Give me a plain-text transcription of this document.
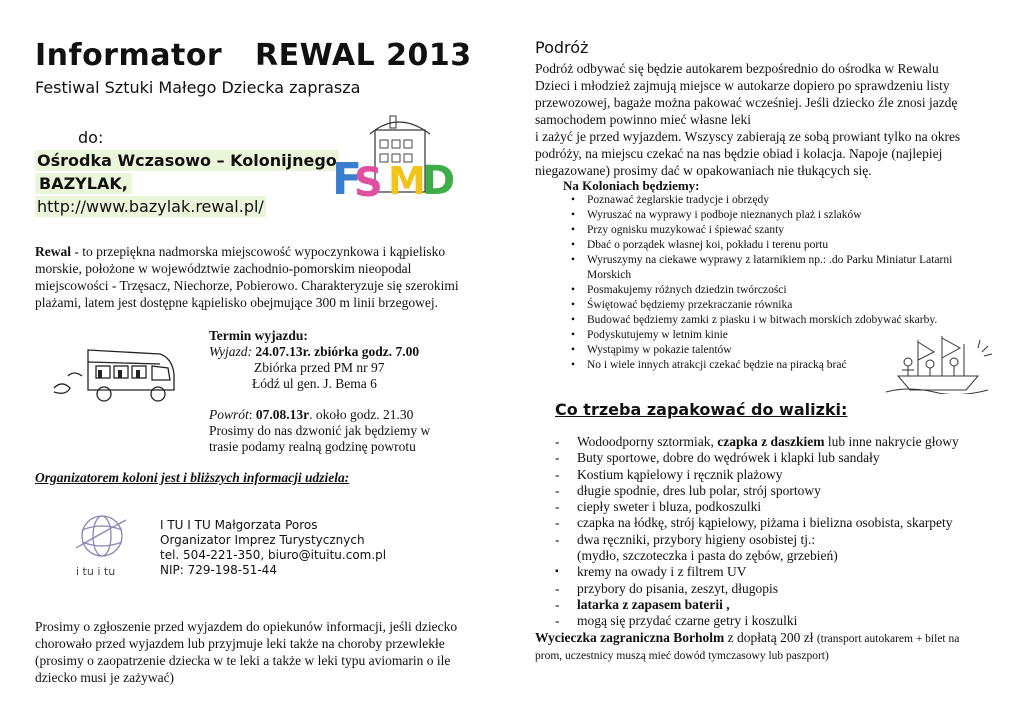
Informator   REWAL 2013
Festiwal Sztuki Małego Dziecka zaprasza
do:
Ośrodka Wczasowo – Kolonijnego
BAZYLAK,
http://www.bazylak.rewal.pl/
F
S M
D
Rewal - to przepiękna nadmorska miejscowość wypoczynkowa i kąpielisko morskie, położone w województwie zachodnio-pomorskim nieopodal miejscowości - Trzęsacz, Niechorze, Pobierowo. Charakteryzuje się szerokimi plażami, latem jest dostępne kąpielisko obejmujące 300 m linii brzegowej.
Termin wyjazdu:
Wyjazd: 24.07.13r. zbiórka godz. 7.00
Zbiórka przed PM nr 97
Łódź ul gen. J. Bema 6
Powrót: 07.08.13r. około godz. 21.30
Prosimy do nas dzwonić jak będziemy w
trasie podamy realną godzinę powrotu
Organizatorem koloni jest i bliższych informacji udziela:
i tu i tu
I TU I TU Małgorzata Poros
Organizator Imprez Turystycznych
tel. 504-221-350, biuro@ituitu.com.pl
NIP: 729-198-51-44
Prosimy o zgłoszenie przed wyjazdem do opiekunów informacji, jeśli dziecko chorowało przed wyjazdem lub przyjmuje leki także na choroby przewlekłe (prosimy o zaopatrzenie dziecka w te leki a także w leki typu aviomarin o ile dziecko musi je zażywać)
Podróż
Podróż odbywać się będzie autokarem bezpośrednio do ośrodka w Rewalu Dzieci i młodzież zajmują miejsce w autokarze dopiero po sprawdzeniu listy przewozowej, bagaże można pakować wcześniej. Jeśli dziecko źle znosi jazdę samochodem powinno mieć własne leki
i zażyć je przed wyjazdem. Wszyscy zabierają ze sobą prowiant tylko na okres podróży, na miejscu czekać na nas będzie obiad i kolacja. Napoje (najlepiej niegazowane) prosimy dać w opakowaniach nie tłukących się.
Na Koloniach będziemy:
• Poznawać żeglarskie tradycje i obrzędy
• Wyruszać na wyprawy i podboje nieznanych plaż i szlaków
• Przy ognisku muzykować i śpiewać szanty
• Dbać o porządek własnej koi, pokładu i terenu portu
• Wyruszymy na ciekawe wyprawy z latarnikiem np.: .do Parku Miniatur Latarni Morskich
• Posmakujemy różnych dziedzin twórczości
• Świętować będziemy przekraczanie równika
• Budować będziemy zamki z piasku i w bitwach morskich zdobywać skarby.
• Podyskutujemy w letnim kinie
• Wystąpimy w pokazie talentów
• No i wiele innych atrakcji czekać będzie na piracką brać
Co trzeba zapakować do walizki:
- Wodoodporny sztormiak, czapka z daszkiem lub inne nakrycie głowy
- Buty sportowe, dobre do wędrówek i klapki lub sandały
- Kostium kąpielowy i ręcznik plażowy
- długie spodnie, dres lub polar, strój sportowy
- ciepły sweter i bluza, podkoszulki
- czapka na łódkę, strój kąpielowy, piżama i bielizna osobista, skarpety
- dwa ręczniki, przybory higieny osobistej tj.:
(mydło, szczoteczka i pasta do zębów, grzebień)
▪ kremy na owady i z filtrem UV
- przybory do pisania, zeszyt, długopis
- latarka z zapasem baterii ,
- mogą się przydać czarne getry i koszulki
Wycieczka zagraniczna Borholm z dopłatą 200 zł (transport autokarem + bilet na prom, uczestnicy muszą mieć dowód tymczasowy lub paszport)
